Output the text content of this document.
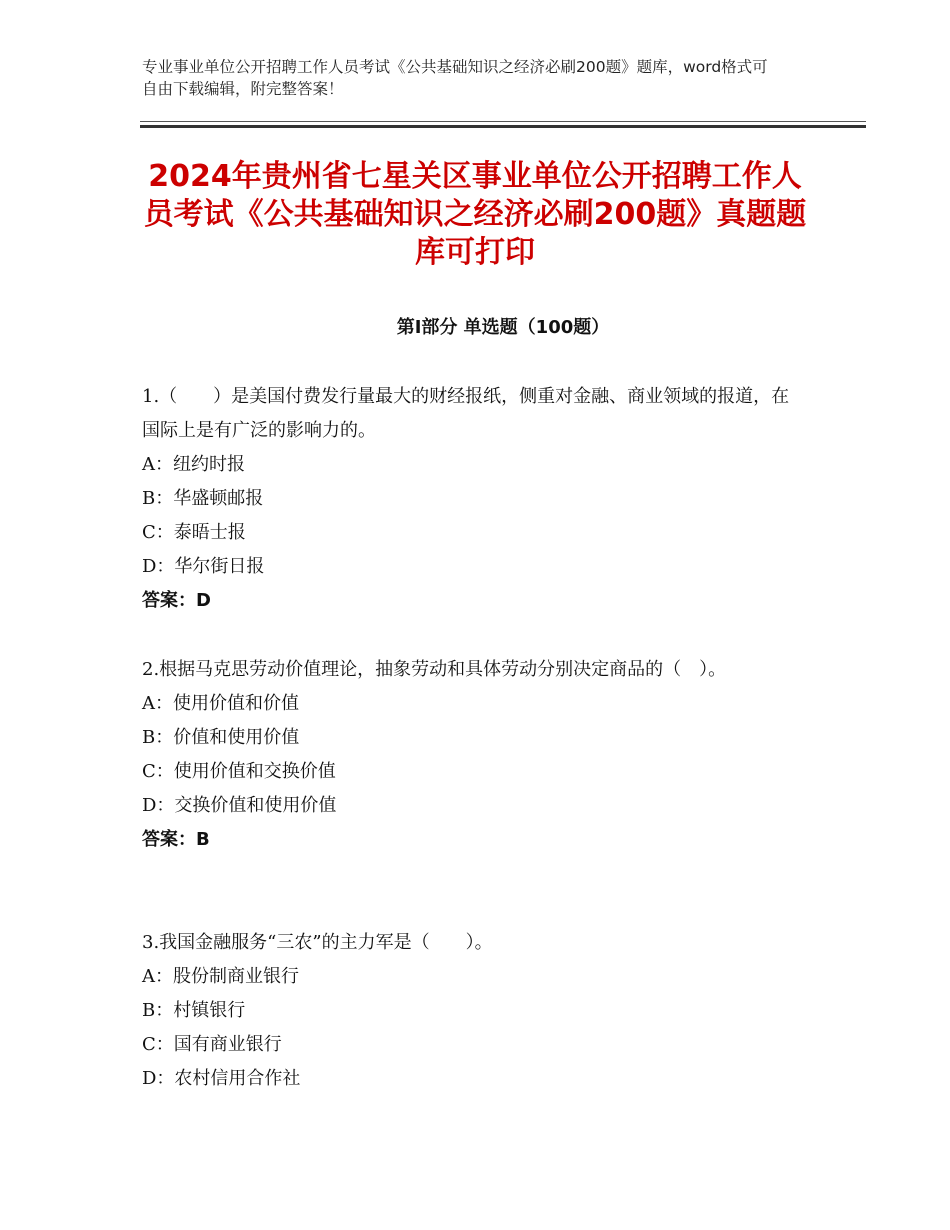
专业事业单位公开招聘工作人员考试《公共基础知识之经济必刷200题》题库，word格式可自由下载编辑，附完整答案！
2024年贵州省七星关区事业单位公开招聘工作人员考试《公共基础知识之经济必刷200题》真题题库可打印
第Ⅰ部分 单选题（100题）

1.（　　）是美国付费发行量最大的财经报纸，侧重对金融、商业领域的报道，在国际上是有广泛的影响力的。

A：纽约时报

B：华盛顿邮报

C：泰晤士报

D：华尔街日报

答案：D

2.根据马克思劳动价值理论，抽象劳动和具体劳动分别决定商品的（　）。

A：使用价值和价值

B：价值和使用价值

C：使用价值和交换价值

D：交换价值和使用价值

答案：B

3.我国金融服务“三农”的主力军是（　　）。

A：股份制商业银行

B：村镇银行

C：国有商业银行

D：农村信用合作社
